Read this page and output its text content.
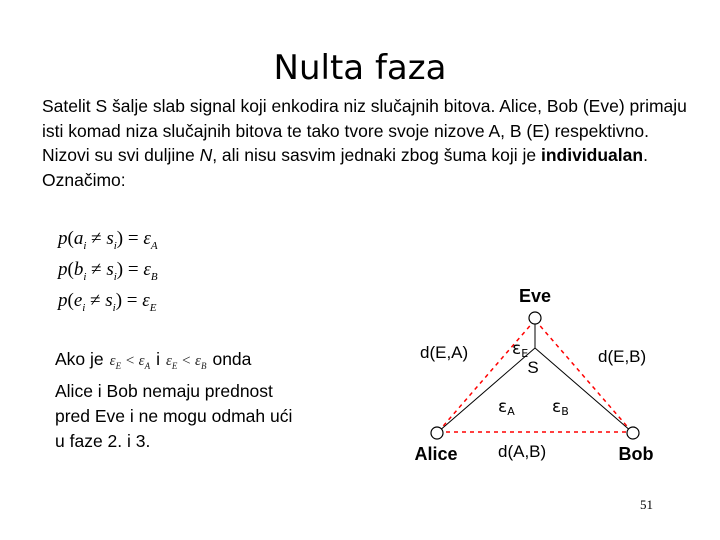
Nulta faza
Satelit S šalje slab signal koji enkodira niz slučajnih bitova. Alice, Bob (Eve) primaju isti komad niza slučajnih bitova te tako tvore svoje nizove A, B (E) respektivno. Nizovi su svi duljine N, ali nisu sasvim jednaki zbog šuma koji je individualan. Označimo:
$p(a_i \ne s_i) = \varepsilon_A$
$p(b_i \ne s_i) = \varepsilon_B$
$p(e_i \ne s_i) = \varepsilon_E$
Ako je $\varepsilon_E < \varepsilon_A$ i $\varepsilon_E < \varepsilon_B$ onda
Alice i Bob nemaju prednost
pred Eve i ne mogu odmah ući
u faze 2. i 3.
Eve
Alice	Bob
S
d(E,A)	d(E,B)
d(A,B)
εE
εA εB
51
